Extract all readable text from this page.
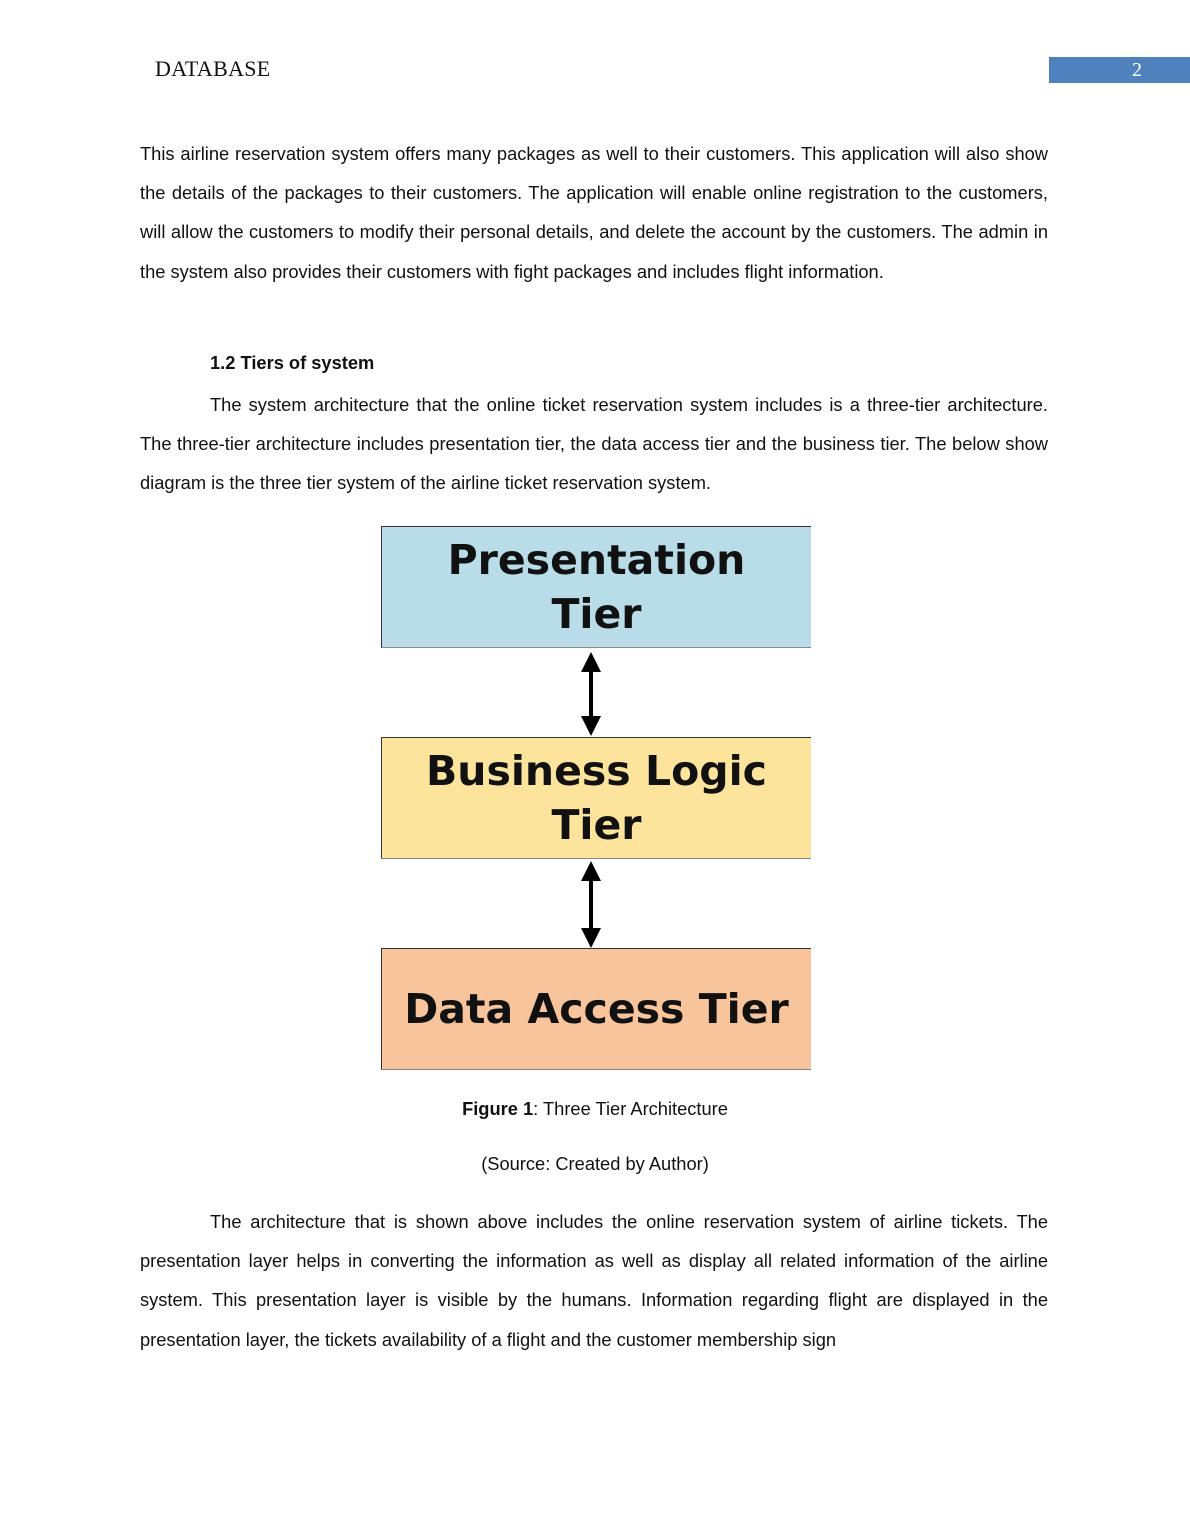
DATABASE	2

This airline reservation system offers many packages as well to their customers. This application will also show the details of the packages to their customers. The application will enable online registration to the customers, will allow the customers to modify their personal details, and delete the account by the customers. The admin in the system also provides their customers with fight packages and includes flight information.

1.2 Tiers of system

The system architecture that the online ticket reservation system includes is a three-tier architecture. The three-tier architecture includes presentation tier, the data access tier and the business tier. The below show diagram is the three tier system of the airline ticket reservation system.

Presentation Tier
Business Logic Tier
Data Access Tier
Figure 1: Three Tier Architecture
(Source: Created by Author)

The architecture that is shown above includes the online reservation system of airline tickets. The presentation layer helps in converting the information as well as display all related information of the airline system. This presentation layer is visible by the humans. Information regarding flight are displayed in the presentation layer, the tickets availability of a flight and the customer membership sign
